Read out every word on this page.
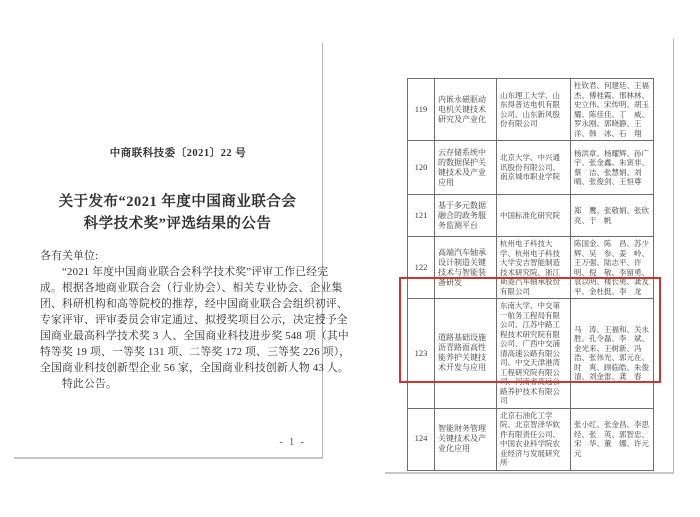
中商联科技委〔2021〕22 号
关于发布“2021 年度中国商业联合会
科学技术奖”评选结果的公告
各有关单位:
“2021 年度中国商业联合会科学技术奖”评审工作已经完
成。根据各地商业联合会（行业协会）、相关专业协会、企业集
团、科研机构和高等院校的推荐，经中国商业联合会组织初评、
专家评审、评审委员会审定通过、拟授奖项目公示，决定授予全
国商业最高科学技术奖 3 人、全国商业科技进步奖 548 项（其中
特等奖 19 项、一等奖 131 项、二等奖 172 项、三等奖 226 项），
全国商业科技创新型企业 56 家，全国商业科技创新人物 43 人。
特此公告。
- 1 -
119	内嵌永磁驱动电机关键技术研究及产业化	山东理工大学、山东得普达电机有限公司、山东新风股份有限公司	杜钦君、何建廷、王福杰、傅桂霞、邢林林、史立伟、宋传明、胡玉耀、陈佳佳、丁　威、罗永刚、郭晓静、王　洋、韩　冰、石　翔
120	云存储系统中的数据保护关键技术及产业应用	北京大学、中兴通讯股份有限公司、南京城市职业学院	杨洪章、杨耀辉、孙广宇、张金鑫、朱寅非、蔡　洁、张慧娟、刘　晴、张俊剑、王恒尊
121	基于多元数据融合的政务服务监测平台	中国标准化研究院	郑　鹰、张敬娟、张欣亮、于　帆
122	高端汽车轴承设计制造关键技术与智能装备研发	杭州电子科技大学、杭州电子科技大学安吉智能制造技术研究院、浙江斯菱汽车轴承股份有限公司	陈国金、陈　昌、苏少辉、吴　参、姜　岭、王万强、陆志平、许　明、倪　敬、李留勇、袁以明、楼长勇、龚友平、金杜挺、李　龙
123	道路基础设施沥青路面高性能养护关键技术开发与应用	东南大学、中交第一航务工程局有限公司、江苏中路工程技术研究院有限公司、广西中交浦清高速公路有限公司、中交天津港湾工程研究院有限公司、河南省高远公路养护技术有限公司	马　涛、王福和、关永胜、孔令磊、李　斌、金光来、王树新、冯　浩、张伟光、郭元在、时　爽、顾临皓、朱俊清、刘金雷、龚　春
124	智能财务管理关键技术及产业化应用	北京石油化工学院、北京智泽华软件有限责任公司、中国农业科学院农业经济与发展研究所	张小红、张金昌、李思经、张　英、郭智忠、宋　华、董　娜、许元元
